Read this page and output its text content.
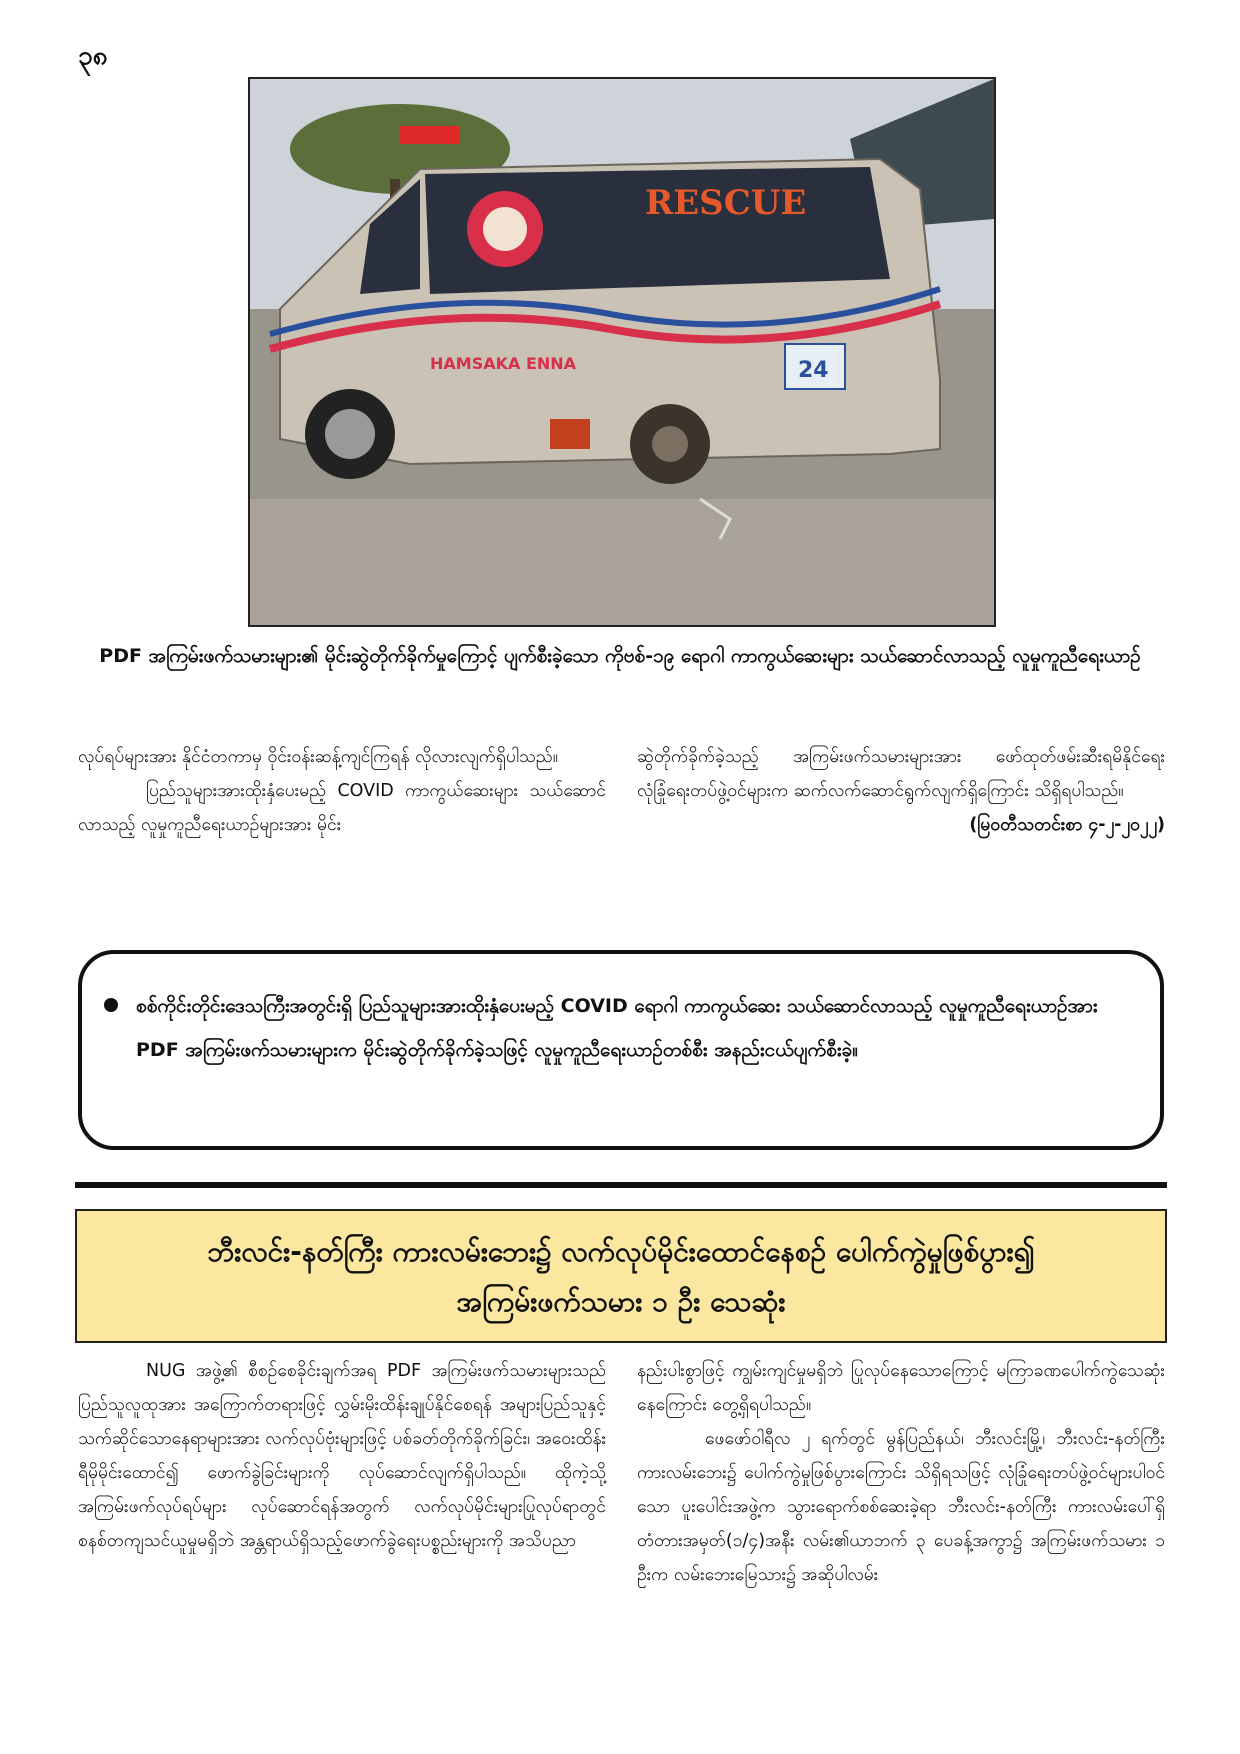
၃၈
RESCUE
HAMSAKA ENNA	24
PDF အကြမ်းဖက်သမားများ၏ မိုင်းဆွဲတိုက်ခိုက်မှုကြောင့် ပျက်စီးခဲ့သော ကိုဗစ်-၁၉ ရောဂါ ကာကွယ်ဆေးများ သယ်ဆောင်လာသည့် လူမှုကူညီရေးယာဉ်

လုပ်ရပ်များအား နိုင်ငံတကာမှ ဝိုင်းဝန်းဆန့်ကျင်ကြရန် လိုလားလျက်ရှိပါသည်။

ပြည်သူများအားထိုးနှံပေးမည့် COVID ကာကွယ်ဆေးများ သယ်ဆောင်လာသည့် လူမှုကူညီရေးယာဉ်များအား မိုင်း

ဆွဲတိုက်ခိုက်ခဲ့သည့် အကြမ်းဖက်သမားများအား ဖော်ထုတ်ဖမ်းဆီးရမိနိုင်ရေး လုံခြုံရေးတပ်ဖွဲ့ဝင်များက ဆက်လက်ဆောင်ရွက်လျက်ရှိကြောင်း သိရှိရပါသည်။

(မြဝတီသတင်းစာ ၄-၂-၂၀၂၂)
စစ်ကိုင်းတိုင်းဒေသကြီးအတွင်းရှိ ပြည်သူများအားထိုးနှံပေးမည့် COVID ရောဂါ ကာကွယ်ဆေး သယ်ဆောင်လာသည့် လူမှုကူညီရေးယာဉ်အား PDF အကြမ်းဖက်သမားများက မိုင်းဆွဲတိုက်ခိုက်ခဲ့သဖြင့် လူမှုကူညီရေးယာဉ်တစ်စီး အနည်းငယ်ပျက်စီးခဲ့။
ဘီးလင်း-နတ်ကြီး ကားလမ်းဘေး၌ လက်လုပ်မိုင်းထောင်နေစဉ် ပေါက်ကွဲမှုဖြစ်ပွား၍
အကြမ်းဖက်သမား ၁ ဦး သေဆုံး

NUG အဖွဲ့၏ စီစဉ်စေခိုင်းချက်အရ PDF အကြမ်းဖက်သမားများသည် ပြည်သူလူထုအား အကြောက်တရားဖြင့် လွှမ်းမိုးထိန်းချုပ်နိုင်စေရန် အများပြည်သူနှင့်သက်ဆိုင်သောနေရာများအား လက်လုပ်ဗုံးများဖြင့် ပစ်ခတ်တိုက်ခိုက်ခြင်း၊ အဝေးထိန်းရီမိုမိုင်းထောင်၍ ဖောက်ခွဲခြင်းများကို လုပ်ဆောင်လျက်ရှိပါသည်။ ထိုကဲ့သို့ အကြမ်းဖက်လုပ်ရပ်များ လုပ်ဆောင်ရန်အတွက် လက်လုပ်မိုင်းများပြုလုပ်ရာတွင် စနစ်တကျသင်ယူမှုမရှိဘဲ အန္တရာယ်ရှိသည့်ဖောက်ခွဲရေးပစ္စည်းများကို အသိပညာ

နည်းပါးစွာဖြင့် ကျွမ်းကျင်မှုမရှိဘဲ ပြုလုပ်နေသောကြောင့် မကြာခဏပေါက်ကွဲသေဆုံးနေကြောင်း တွေ့ရှိရပါသည်။

ဖေဖော်ဝါရီလ ၂ ရက်တွင် မွန်ပြည်နယ်၊ ဘီးလင်းမြို့၊ ဘီးလင်း-နတ်ကြီး ကားလမ်းဘေး၌ ပေါက်ကွဲမှုဖြစ်ပွားကြောင်း သိရှိရသဖြင့် လုံခြုံရေးတပ်ဖွဲ့ဝင်များပါဝင်သော ပူးပေါင်းအဖွဲ့က သွားရောက်စစ်ဆေးခဲ့ရာ ဘီးလင်း-နတ်ကြီး ကားလမ်းပေါ်ရှိ တံတားအမှတ်(၁/၄)အနီး လမ်း၏ယာဘက် ၃ ပေခန့်အကွာ၌ အကြမ်းဖက်သမား ၁ ဦးက လမ်းဘေးမြေသား၌ အဆိုပါလမ်း
